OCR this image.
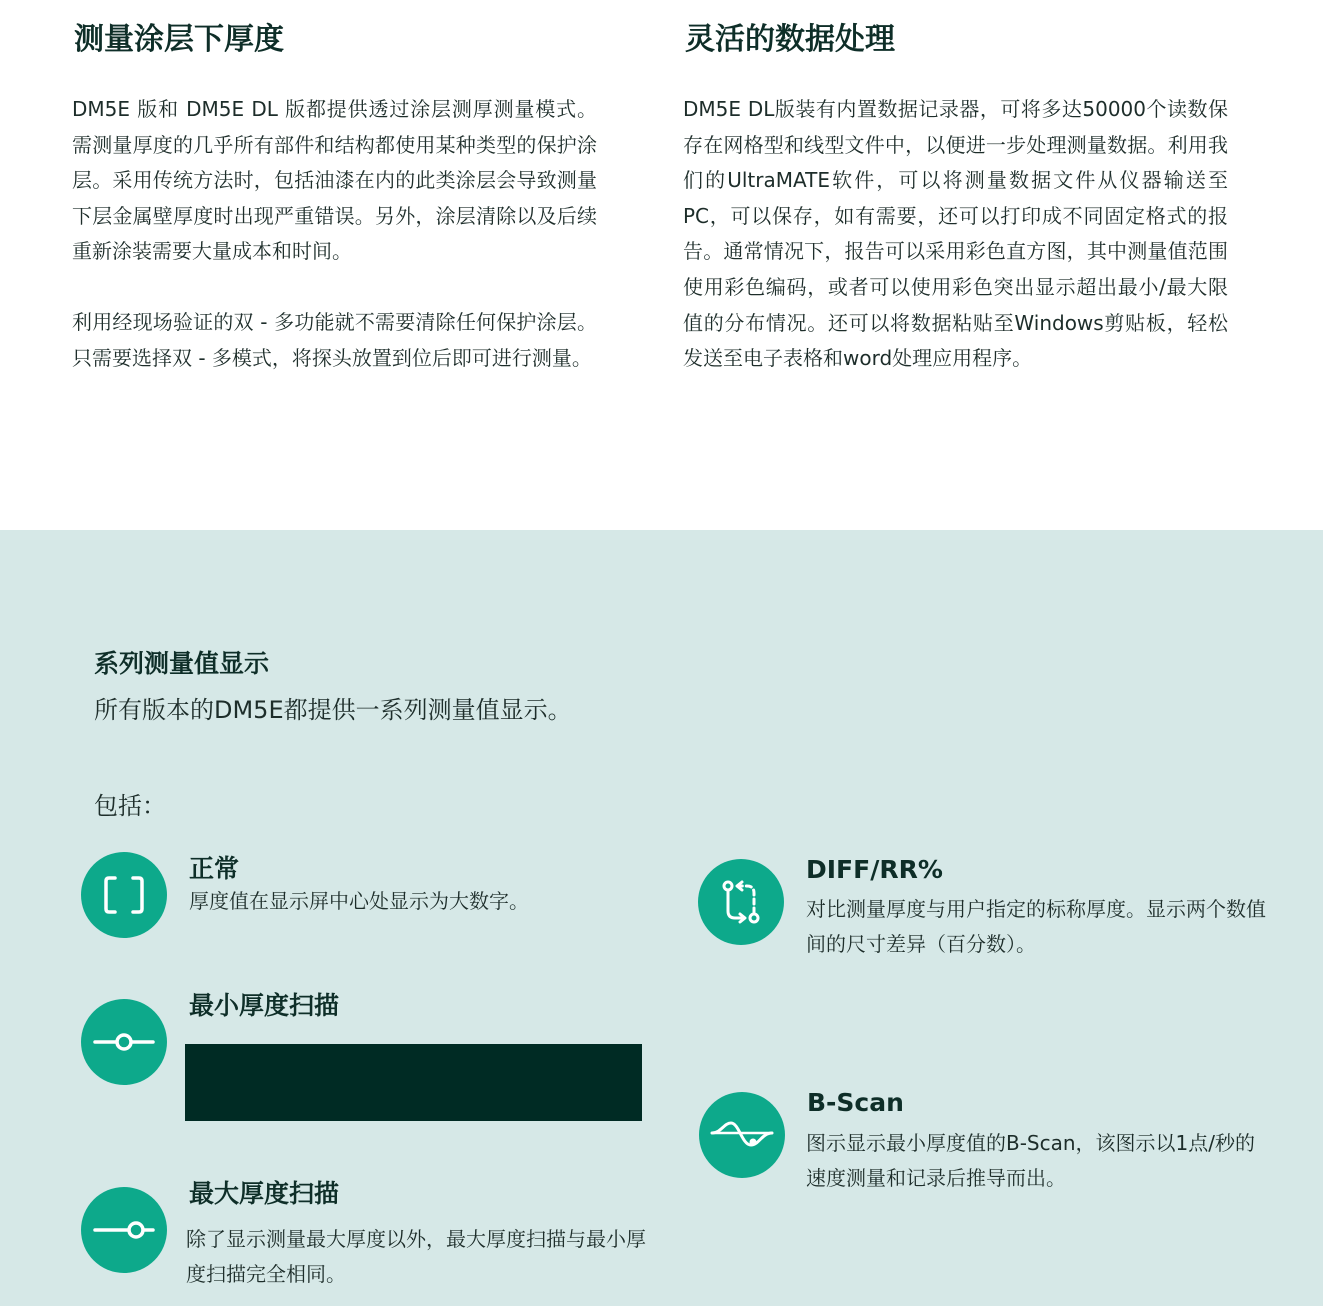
测量涂层下厚度

DM5E 版和 DM5E DL 版都提供透过涂层测厚测量模式。需测量厚度的几乎所有部件和结构都使用某种类型的保护涂层。采用传统方法时，包括油漆在内的此类涂层会导致测量下层金属壁厚度时出现严重错误。另外，涂层清除以及后续重新涂装需要大量成本和时间。

利用经现场验证的双 - 多功能就不需要清除任何保护涂层。只需要选择双 - 多模式，将探头放置到位后即可进行测量。

灵活的数据处理

DM5E DL版装有内置数据记录器，可将多达50000个读数保存在网格型和线型文件中，以便进一步处理测量数据。利用我们的UltraMATE软件，可以将测量数据文件从仪器输送至PC，可以保存，如有需要，还可以打印成不同固定格式的报告。通常情况下，报告可以采用彩色直方图，其中测量值范围使用彩色编码，或者可以使用彩色突出显示超出最小/最大限值的分布情况。还可以将数据粘贴至Windows剪贴板，轻松发送至电子表格和word处理应用程序。

系列测量值显示

所有版本的DM5E都提供一系列测量值显示。

包括：

正常

厚度值在显示屏中心处显示为大数字。

最小厚度扫描
最大厚度扫描

除了显示测量最大厚度以外，最大厚度扫描与最小厚度扫描完全相同。

DIFF/RR%

对比测量厚度与用户指定的标称厚度。显示两个数值间的尺寸差异（百分数）。

B-Scan

图示显示最小厚度值的B-Scan，该图示以1点/秒的速度测量和记录后推导而出。
